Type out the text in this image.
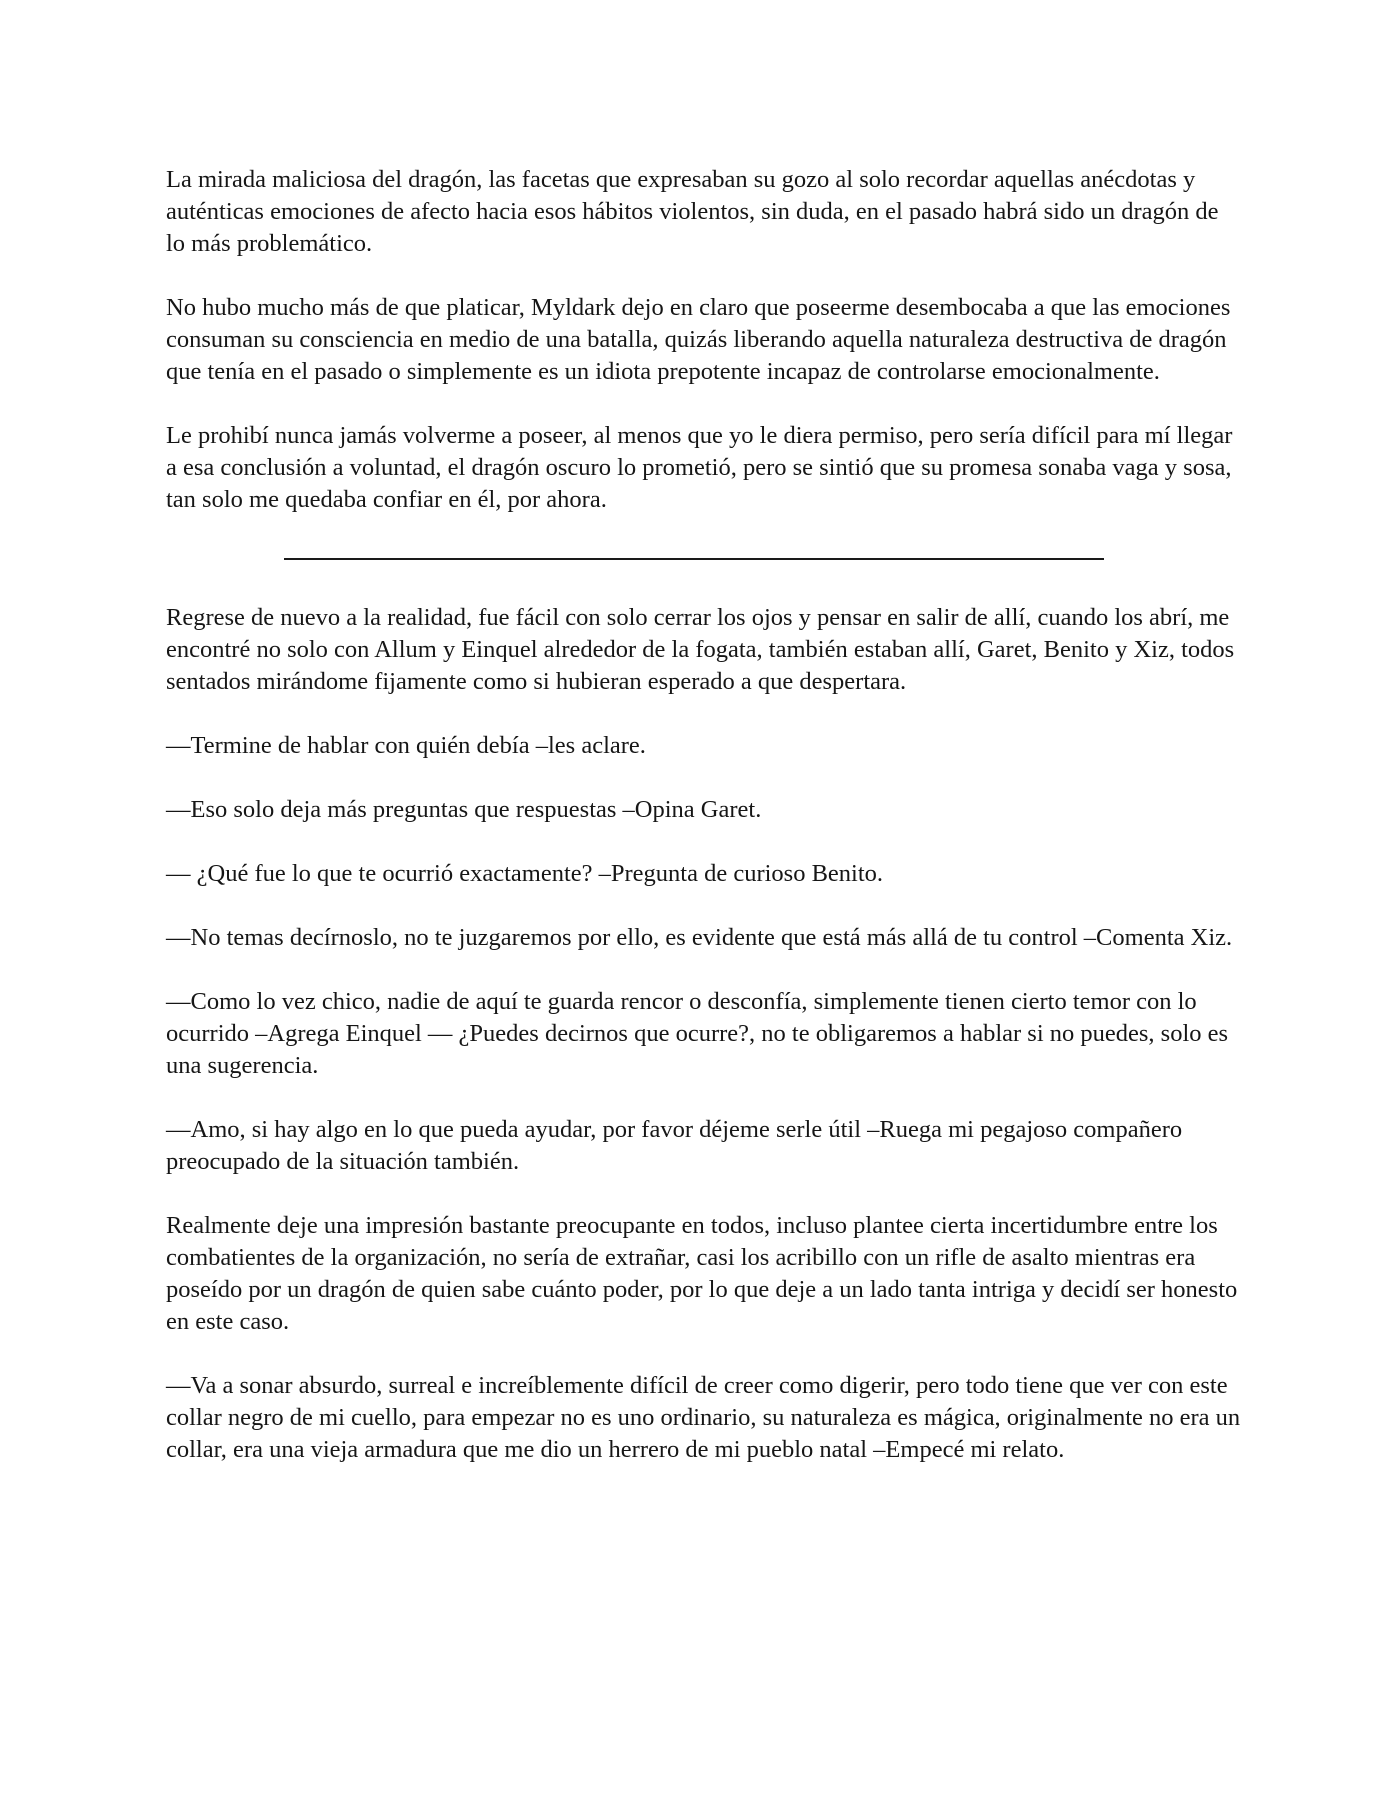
La mirada maliciosa del dragón, las facetas que expresaban su gozo al solo recordar aquellas anécdotas y auténticas emociones de afecto hacia esos hábitos violentos, sin duda, en el pasado habrá sido un dragón de lo más problemático.

No hubo mucho más de que platicar, Myldark dejo en claro que poseerme desembocaba a que las emociones consuman su consciencia en medio de una batalla, quizás liberando aquella naturaleza destructiva de dragón que tenía en el pasado o simplemente es un idiota prepotente incapaz de controlarse emocionalmente.

Le prohibí nunca jamás volverme a poseer, al menos que yo le diera permiso, pero sería difícil para mí llegar a esa conclusión a voluntad, el dragón oscuro lo prometió, pero se sintió que su promesa sonaba vaga y sosa, tan solo me quedaba confiar en él, por ahora.

Regrese de nuevo a la realidad, fue fácil con solo cerrar los ojos y pensar en salir de allí, cuando los abrí, me encontré no solo con Allum y Einquel alrededor de la fogata, también estaban allí, Garet, Benito y Xiz, todos sentados mirándome fijamente como si hubieran esperado a que despertara.

—Termine de hablar con quién debía –les aclare.

—Eso solo deja más preguntas que respuestas –Opina Garet.

— ¿Qué fue lo que te ocurrió exactamente? –Pregunta de curioso Benito.

—No temas decírnoslo, no te juzgaremos por ello, es evidente que está más allá de tu control –Comenta Xiz.

—Como lo vez chico, nadie de aquí te guarda rencor o desconfía, simplemente tienen cierto temor con lo ocurrido –Agrega Einquel — ¿Puedes decirnos que ocurre?, no te obligaremos a hablar si no puedes, solo es una sugerencia.

—Amo, si hay algo en lo que pueda ayudar, por favor déjeme serle útil –Ruega mi pegajoso compañero preocupado de la situación también.

Realmente deje una impresión bastante preocupante en todos, incluso plantee cierta incertidumbre entre los combatientes de la organización, no sería de extrañar, casi los acribillo con un rifle de asalto mientras era poseído por un dragón de quien sabe cuánto poder, por lo que deje a un lado tanta intriga y decidí ser honesto en este caso.

—Va a sonar absurdo, surreal e increíblemente difícil de creer como digerir, pero todo tiene que ver con este collar negro de mi cuello, para empezar no es uno ordinario, su naturaleza es mágica, originalmente no era un collar, era una vieja armadura que me dio un herrero de mi pueblo natal –Empecé mi relato.
